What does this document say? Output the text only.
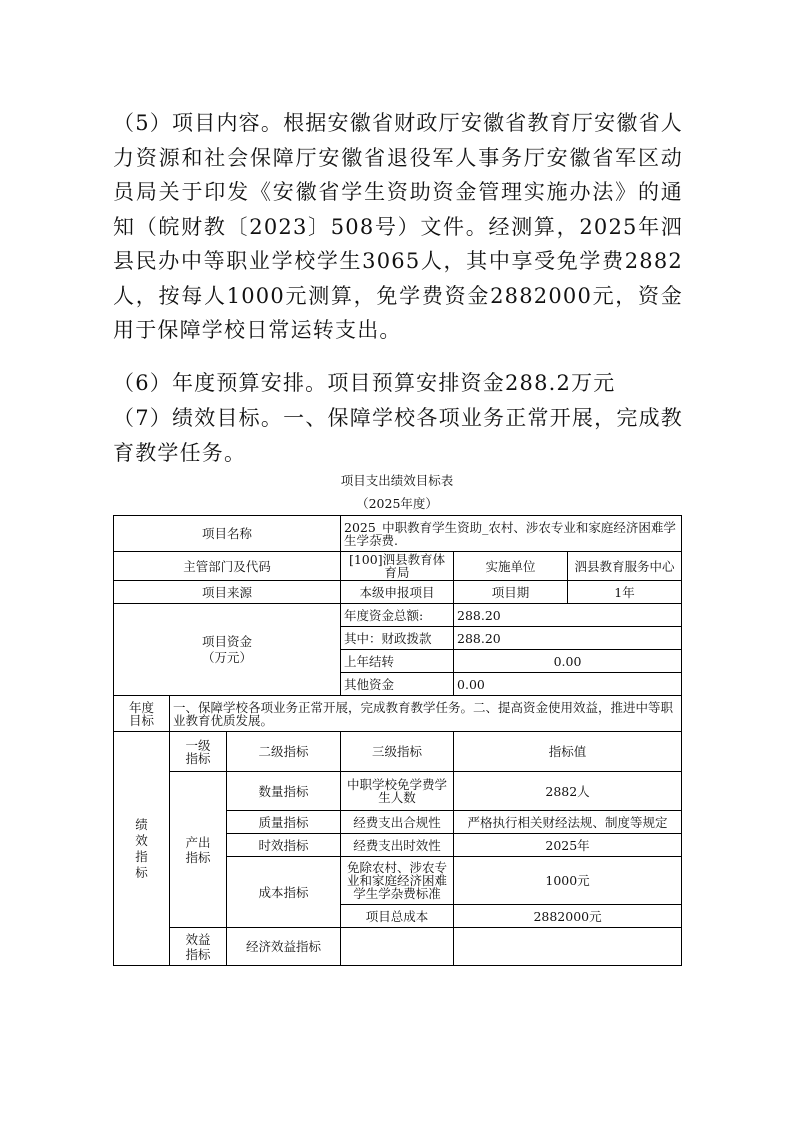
（5）项目内容。根据安徽省财政厅安徽省教育厅安徽省人力资源和社会保障厅安徽省退役军人事务厅安徽省军区动员局关于印发《安徽省学生资助资金管理实施办法》的通知（皖财教〔2023〕508号）文件。经测算，2025年泗县民办中等职业学校学生3065人，其中享受免学费2882人，按每人1000元测算，免学费资金2882000元，资金用于保障学校日常运转支出。

（6）年度预算安排。项目预算安排资金288.2万元

（7）绩效目标。一、保障学校各项业务正常开展，完成教育教学任务。

项目支出绩效目标表
（2025年度）
项目名称			2025_中职教育学生资助_农村、涉农专业和家庭经济困难学生学杂费.		
主管部门及代码			[100]泗县教育体育局	实施单位	泗县教育服务中心
项目来源			本级申报项目	项目期	1年
项目资金（万元）			年度资金总额:	288.20	
			其中：财政拨款	288.20	
			上年结转	0.00	
			其他资金	0.00	
年度目标	一、保障学校各项业务正常开展，完成教育教学任务。二、提高资金使用效益，推进中等职业教育优质发展。				
绩效指标	一级指标	二级指标	三级指标	指标值	
	产出指标	数量指标	中职学校免学费学生人数	2882人	
		质量指标	经费支出合规性	严格执行相关财经法规、制度等规定	
		时效指标	经费支出时效性	2025年	
		成本指标	免除农村、涉农专业和家庭经济困难学生学杂费标准	1000元	
			项目总成本	2882000元	
	效益指标	经济效益指标			
